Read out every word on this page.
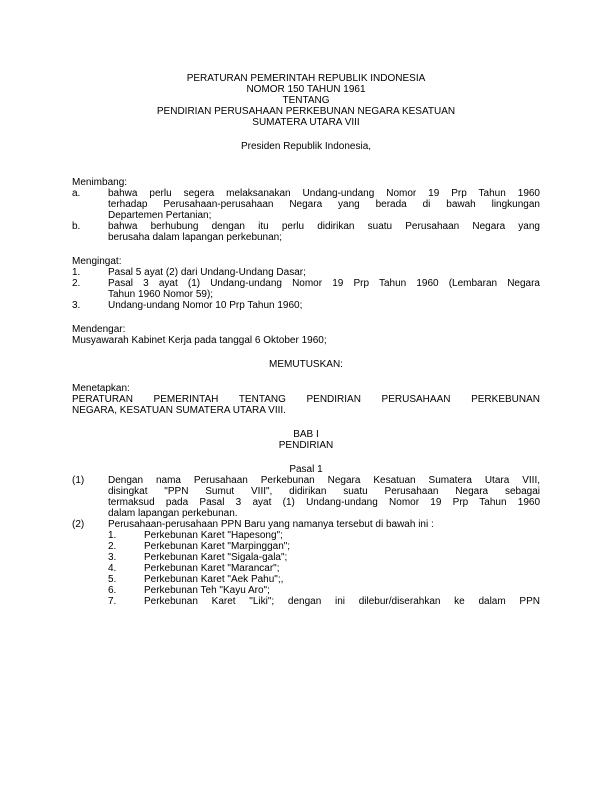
PERATURAN PEMERINTAH REPUBLIK INDONESIA
NOMOR 150 TAHUN 1961
TENTANG
PENDIRIAN PERUSAHAAN PERKEBUNAN NEGARA KESATUAN
SUMATERA UTARA VIII
Presiden Republik Indonesia,
Menimbang:
a.	bahwa perlu segera melaksanakan Undang-undang Nomor 19 Prp Tahun 1960
terhadap Perusahaan-perusahaan Negara yang berada di bawah lingkungan
Departemen Pertanian;
b.	bahwa berhubung dengan itu perlu didirikan suatu Perusahaan Negara yang
berusaha dalam lapangan perkebunan;
Mengingat:
1.	Pasal 5 ayat (2) dari Undang-Undang Dasar;
2.	Pasal 3 ayat (1) Undang-undang Nomor 19 Prp Tahun 1960 (Lembaran Negara
Tahun 1960 Nomor 59);
3.	Undang-undang Nomor 10 Prp Tahun 1960;
Mendengar:
Musyawarah Kabinet Kerja pada tanggal 6 Oktober 1960;
MEMUTUSKAN:
Menetapkan:
PERATURAN PEMERINTAH TENTANG PENDIRIAN PERUSAHAAN PERKEBUNAN
NEGARA, KESATUAN SUMATERA UTARA VIII.
BAB I
PENDIRIAN
Pasal 1
(1) Dengan nama Perusahaan Perkebunan Negara Kesatuan Sumatera Utara VIII,
disingkat "PPN Sumut VIII", didirikan suatu Perusahaan Negara sebagai
termaksud pada Pasal 3 ayat (1) Undang-undang Nomor 19 Prp Tahun 1960
dalam lapangan perkebunan.
(2) Perusahaan-perusahaan PPN Baru yang namanya tersebut di bawah ini :
1.	Perkebunan Karet "Hapesong";
2.	Perkebunan Karet "Marpinggan";
3.	Perkebunan Karet "Sigala-gala";
4.	Perkebunan Karet "Marancar";
5.	Perkebunan Karet "Aek Pahu";,
6.	Perkebunan Teh "Kayu Aro";
7.	Perkebunan Karet "Liki"; dengan ini dilebur/diserahkan ke dalam PPN
